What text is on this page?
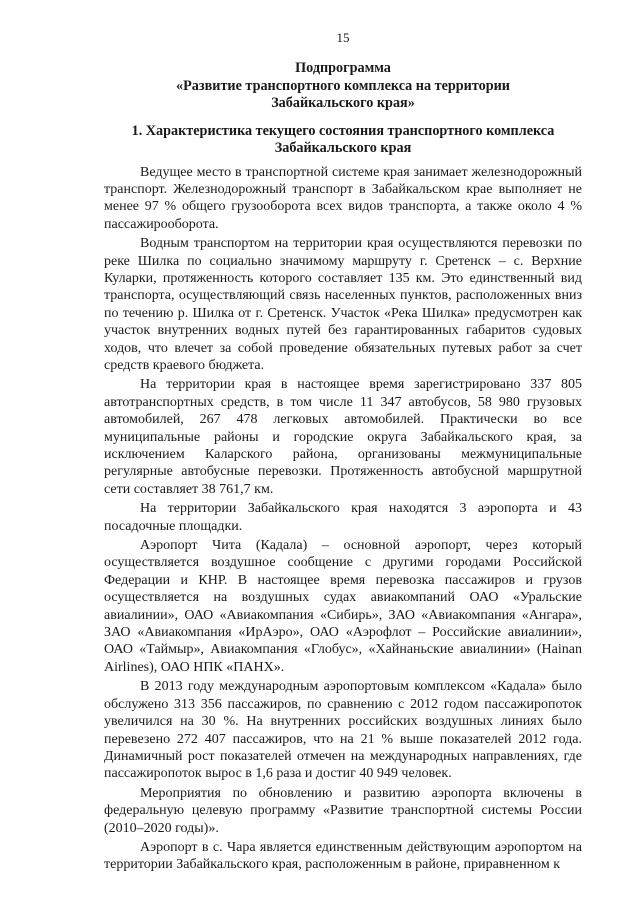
15
Подпрограмма
«Развитие транспортного комплекса на территории
Забайкальского края»
1. Характеристика текущего состояния транспортного комплекса
Забайкальского края

Ведущее место в транспортной системе края занимает железнодорожный транспорт. Железнодорожный транспорт в Забайкальском крае выполняет не менее 97 % общего грузооборота всех видов транспорта, а также около 4 % пассажирооборота.

Водным транспортом на территории края осуществляются перевозки по реке Шилка по социально значимому маршруту г. Сретенск – с. Верхние Куларки, протяженность которого составляет 135 км. Это единственный вид транспорта, осуществляющий связь населенных пунктов, расположенных вниз по течению р. Шилка от г. Сретенск. Участок «Река Шилка» предусмотрен как участок внутренних водных путей без гарантированных габаритов судовых ходов, что влечет за собой проведение обязательных путевых работ за счет средств краевого бюджета.

На территории края в настоящее время зарегистрировано 337 805 автотранспортных средств, в том числе 11 347 автобусов, 58 980 грузовых автомобилей, 267 478 легковых автомобилей. Практически во все муниципальные районы и городские округа Забайкальского края, за исключением Каларского района, организованы межмуниципальные регулярные автобусные перевозки. Протяженность автобусной маршрутной сети составляет 38 761,7 км.

На территории Забайкальского края находятся 3 аэропорта и 43 посадочные площадки.

Аэропорт Чита (Кадала) – основной аэропорт, через который осуществляется воздушное сообщение с другими городами Российской Федерации и КНР. В настоящее время перевозка пассажиров и грузов осуществляется на воздушных судах авиакомпаний ОАО «Уральские авиалинии», ОАО «Авиакомпания «Сибирь», ЗАО «Авиакомпания «Ангара», ЗАО «Авиакомпания «ИрАэро», ОАО «Аэрофлот – Российские авиалинии», ОАО «Таймыр», Авиакомпания «Глобус», «Хайнаньские авиалинии» (Hainan Airlines), ОАО НПК «ПАНХ».

В 2013 году международным аэропортовым комплексом «Кадала» было обслужено 313 356 пассажиров, по сравнению с 2012 годом пассажиропоток увеличился на 30 %. На внутренних российских воздушных линиях было перевезено 272 407 пассажиров, что на 21 % выше показателей 2012 года. Динамичный рост показателей отмечен на международных направлениях, где пассажиропоток вырос в 1,6 раза и достиг 40 949 человек.

Мероприятия по обновлению и развитию аэропорта включены в федеральную целевую программу «Развитие транспортной системы России (2010–2020 годы)».

Аэропорт в с. Чара является единственным действующим аэропортом на территории Забайкальского края, расположенным в районе, приравненном к
